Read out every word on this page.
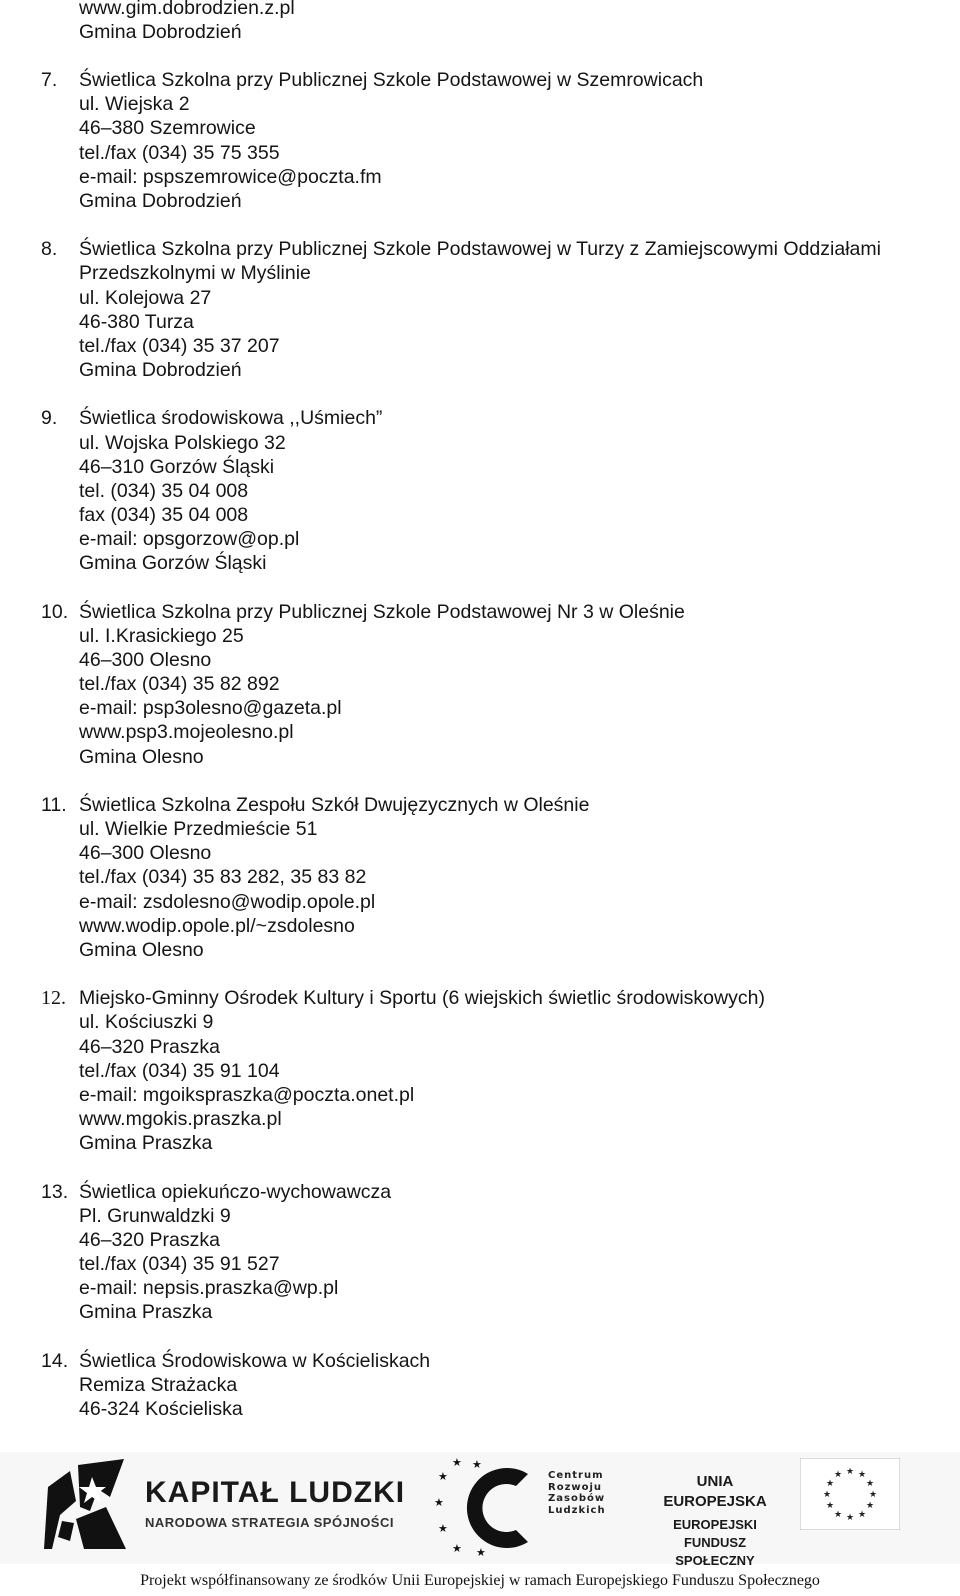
www.gim.dobrodzien.z.pl
Gmina Dobrodzień
7. Świetlica Szkolna przy Publicznej Szkole Podstawowej w Szemrowicach
ul. Wiejska 2
46–380 Szemrowice
tel./fax (034) 35 75 355
e-mail: pspszemrowice@poczta.fm
Gmina Dobrodzień
8. Świetlica Szkolna przy Publicznej Szkole Podstawowej w Turzy z Zamiejscowymi Oddziałami
Przedszkolnymi w Myślinie
ul. Kolejowa 27
46-380 Turza
tel./fax (034) 35 37 207
Gmina Dobrodzień
9. Świetlica środowiskowa ,,Uśmiech”
ul. Wojska Polskiego 32
46–310 Gorzów Śląski
tel. (034) 35 04 008
fax (034) 35 04 008
e-mail: opsgorzow@op.pl
Gmina Gorzów Śląski
10. Świetlica Szkolna przy Publicznej Szkole Podstawowej Nr 3 w Oleśnie
ul. I.Krasickiego 25
46–300 Olesno
tel./fax (034) 35 82 892
e-mail: psp3olesno@gazeta.pl
www.psp3.mojeolesno.pl
Gmina Olesno
11. Świetlica Szkolna Zespołu Szkół Dwujęzycznych w Oleśnie
ul. Wielkie Przedmieście 51
46–300 Olesno
tel./fax (034) 35 83 282, 35 83 82
e-mail: zsdolesno@wodip.opole.pl
www.wodip.opole.pl/~zsdolesno
Gmina Olesno
12. Miejsko-Gminny Ośrodek Kultury i Sportu (6 wiejskich świetlic środowiskowych)
ul. Kościuszki 9
46–320 Praszka
tel./fax (034) 35 91 104
e-mail: mgoikspraszka@poczta.onet.pl
www.mgokis.praszka.pl
Gmina Praszka
13. Świetlica opiekuńczo-wychowawcza
Pl. Grunwaldzki 9
46–320 Praszka
tel./fax (034) 35 91 527
e-mail: nepsis.praszka@wp.pl
Gmina Praszka
14. Świetlica Środowiskowa w Kościeliskach
Remiza Strażacka
46-324 Kościeliska
KAPITAŁ LUDZKI
NARODOWA STRATEGIA SPÓJNOŚCI
★
★
★
★
★
★
★
Centrum
Rozwoju
Zasobów
Ludzkich
UNIA EUROPEJSKA
EUROPEJSKI
FUNDUSZ SPOŁECZNY
★ ★
★
★
★
★
★
★
★
★
★
★
Projekt współfinansowany ze środków Unii Europejskiej w ramach Europejskiego Funduszu Społecznego
